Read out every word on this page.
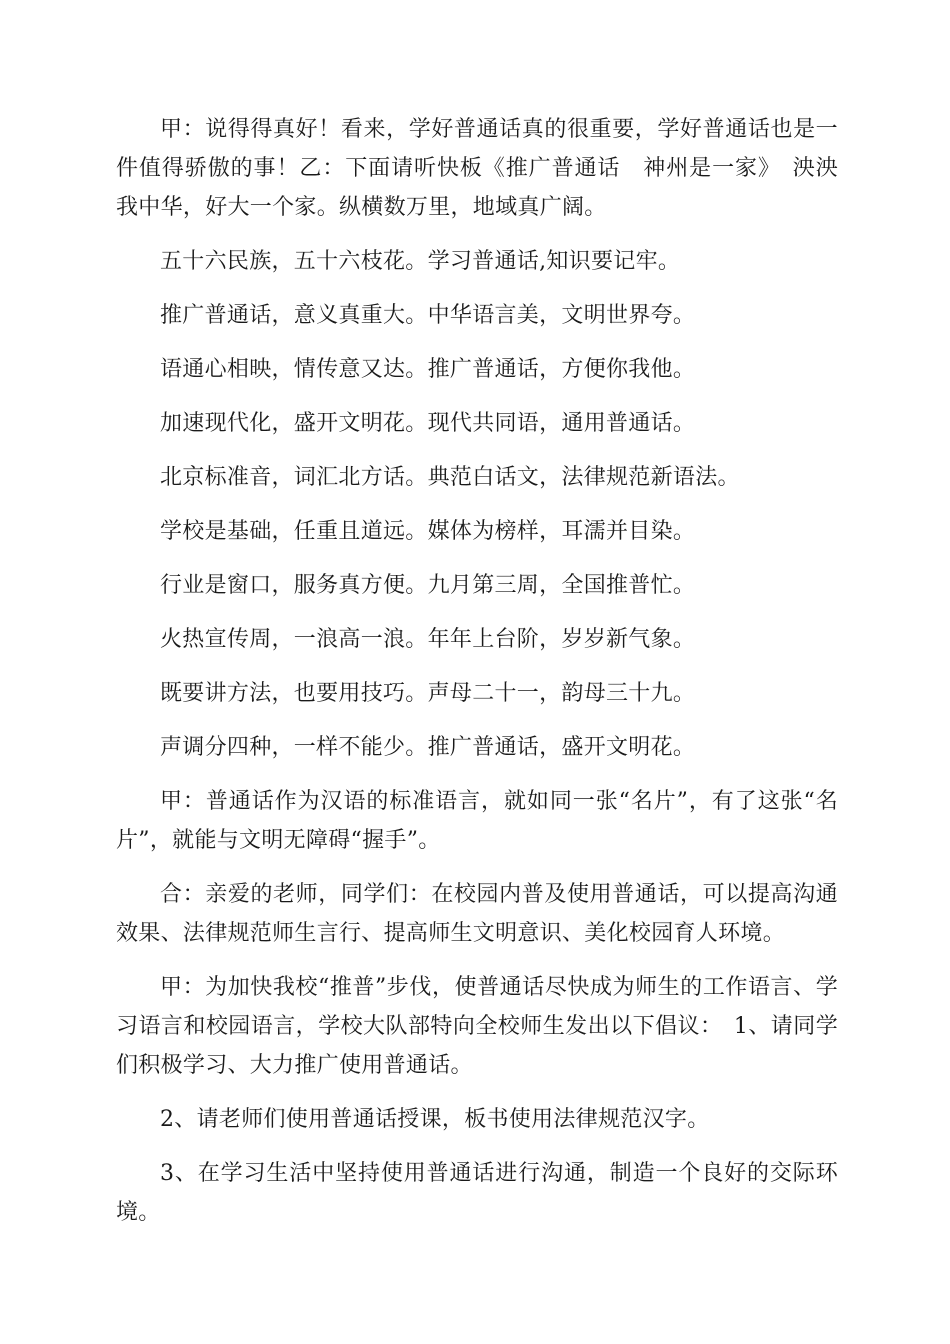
甲：说得得真好！看来，学好普通话真的很重要，学好普通话也是一件值得骄傲的事！乙：下面请听快板《推广普通话　神州是一家》　泱泱我中华，好大一个家。纵横数万里，地域真广阔。

五十六民族，五十六枝花。学习普通话,知识要记牢。

推广普通话，意义真重大。中华语言美，文明世界夸。

语通心相映，情传意又达。推广普通话，方便你我他。

加速现代化，盛开文明花。现代共同语，通用普通话。

北京标准音，词汇北方话。典范白话文，法律规范新语法。

学校是基础，任重且道远。媒体为榜样，耳濡并目染。

行业是窗口，服务真方便。九月第三周，全国推普忙。

火热宣传周，一浪高一浪。年年上台阶，岁岁新气象。

既要讲方法，也要用技巧。声母二十一，韵母三十九。

声调分四种，一样不能少。推广普通话，盛开文明花。

甲：普通话作为汉语的标准语言，就如同一张“名片”，有了这张“名片”，就能与文明无障碍“握手”。

合：亲爱的老师，同学们：在校园内普及使用普通话，可以提高沟通效果、法律规范师生言行、提高师生文明意识、美化校园育人环境。

甲：为加快我校“推普”步伐，使普通话尽快成为师生的工作语言、学习语言和校园语言，学校大队部特向全校师生发出以下倡议：　1、请同学们积极学习、大力推广使用普通话。

2、请老师们使用普通话授课，板书使用法律规范汉字。

3、在学习生活中坚持使用普通话进行沟通，制造一个良好的交际环境。
